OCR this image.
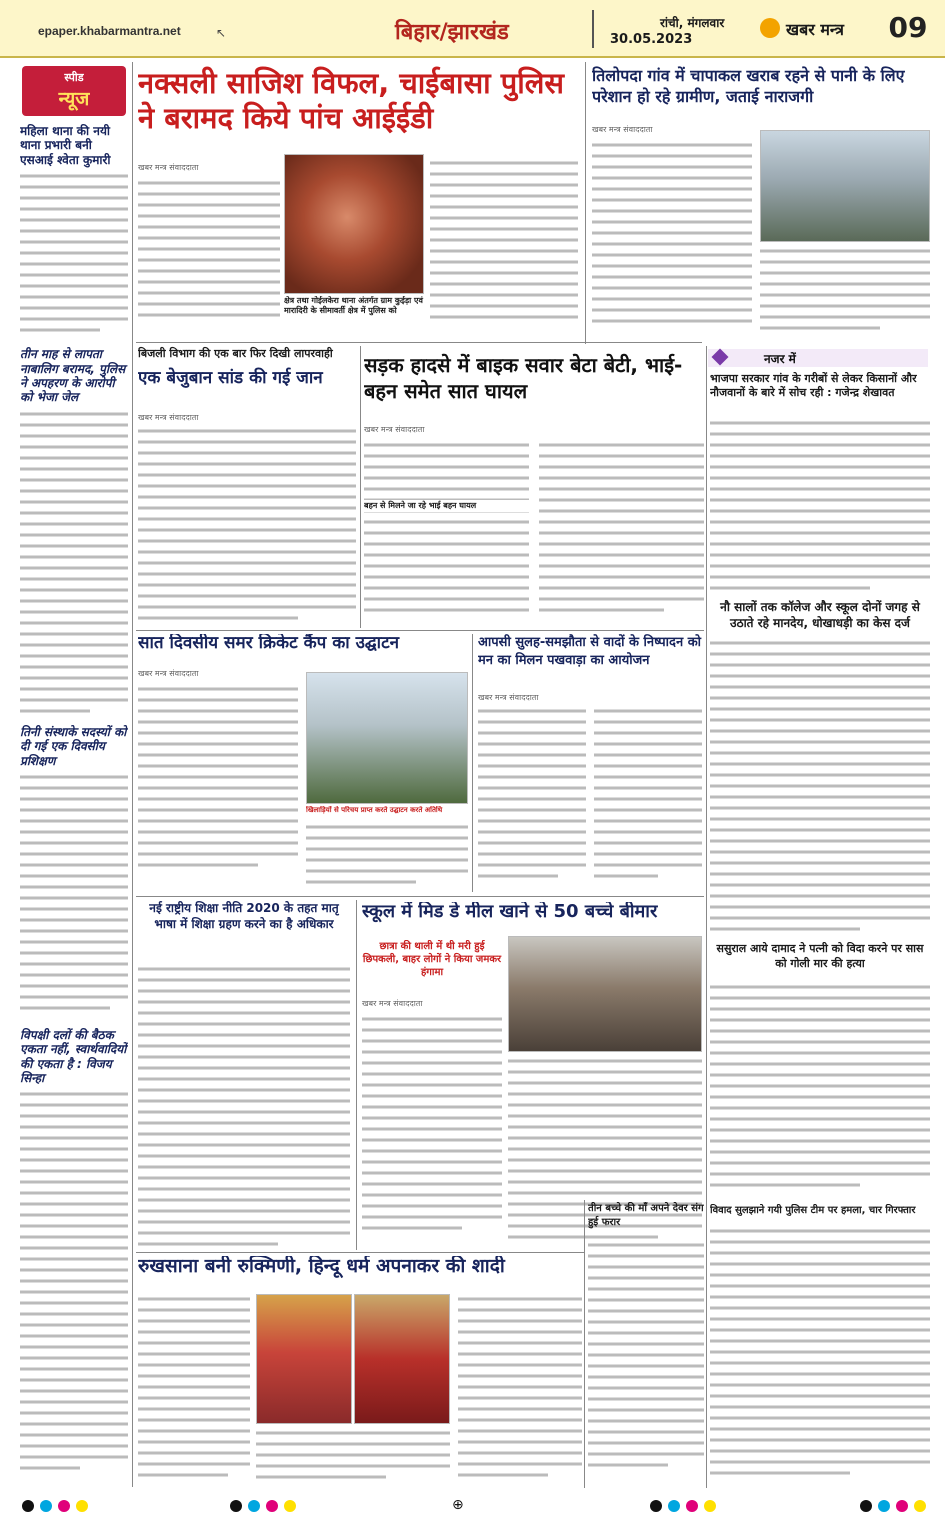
epaper.khabarmantra.net	↖	बिहार/झारखंड	रांची, मंगलवार
30.05.2023
खबर मन्त्र 09
स्पीड
न्यूज
महिला थाना की नयी थाना प्रभारी बनी एसआई श्वेता कुमारी
तीन माह से लापता नाबालिग बरामद, पुलिस ने अपहरण के आरोपी को भेजा जेल
तिनी संस्थाके सदस्यों को दी गई एक दिवसीय प्रशिक्षण
विपक्षी दलों की बैठक एकता नहीं, स्वार्थवादियों की एकता है : विजय सिन्हा
नक्सली साजिश विफल, चाईबासा पुलिस ने बरामद किये पांच आईईडी
खबर मन्त्र संवाददाता
क्षेत्र तथा गोईलकेरा थाना अंतर्गत ग्राम कुईड़ा एवं मारादिरी के सीमावर्ती क्षेत्र में पुलिस को
तिलोपदा गांव में चापाकल खराब रहने से पानी के लिए परेशान हो रहे ग्रामीण, जताई नाराजगी
खबर मन्त्र संवाददाता
बिजली विभाग की एक बार फिर दिखी लापरवाही
एक बेजुबान सांड की गई जान
खबर मन्त्र संवाददाता
सड़क हादसे में बाइक सवार बेटा बेटी, भाई-बहन समेत सात घायल
खबर मन्त्र संवाददाता
बहन से मिलने जा रहे भाई बहन घायल
नजर में
भाजपा सरकार गांव के गरीबों से लेकर किसानों और नौजवानों के बारे में सोच रही : गजेन्द्र शेखावत
नौ सालों तक कॉलेज और स्कूल दोनों जगह से उठाते रहे मानदेय, धोखाधड़ी का केस दर्ज
सात दिवसीय समर क्रिकेट कैंप का उद्घाटन
खबर मन्त्र संवाददाता
खिलाड़ियों से परिचय प्राप्त करते उद्घाटन करते अतिथि
आपसी सुलह-समझौता से वादों के निष्पादन को मन का मिलन पखवाड़ा का आयोजन
खबर मन्त्र संवाददाता
नई राष्ट्रीय शिक्षा नीति 2020 के तहत मातृ भाषा में शिक्षा ग्रहण करने का है अधिकार
स्कूल में मिड डे मील खाने से 50 बच्चे बीमार
छात्रा की थाली में थी मरी हुई छिपकली, बाहर लोगों ने किया जमकर हंगामा
खबर मन्त्र संवाददाता
ससुराल आये दामाद ने पत्नी को विदा करने पर सास को गोली मार की हत्या
विवाद सुलझाने गयी पुलिस टीम पर हमला, चार गिरफ्तार
तीन बच्चे की माँ अपने देवर संग हुई फरार
रुखसाना बनी रुक्मिणी, हिन्दू धर्म अपनाकर की शादी
⊕
